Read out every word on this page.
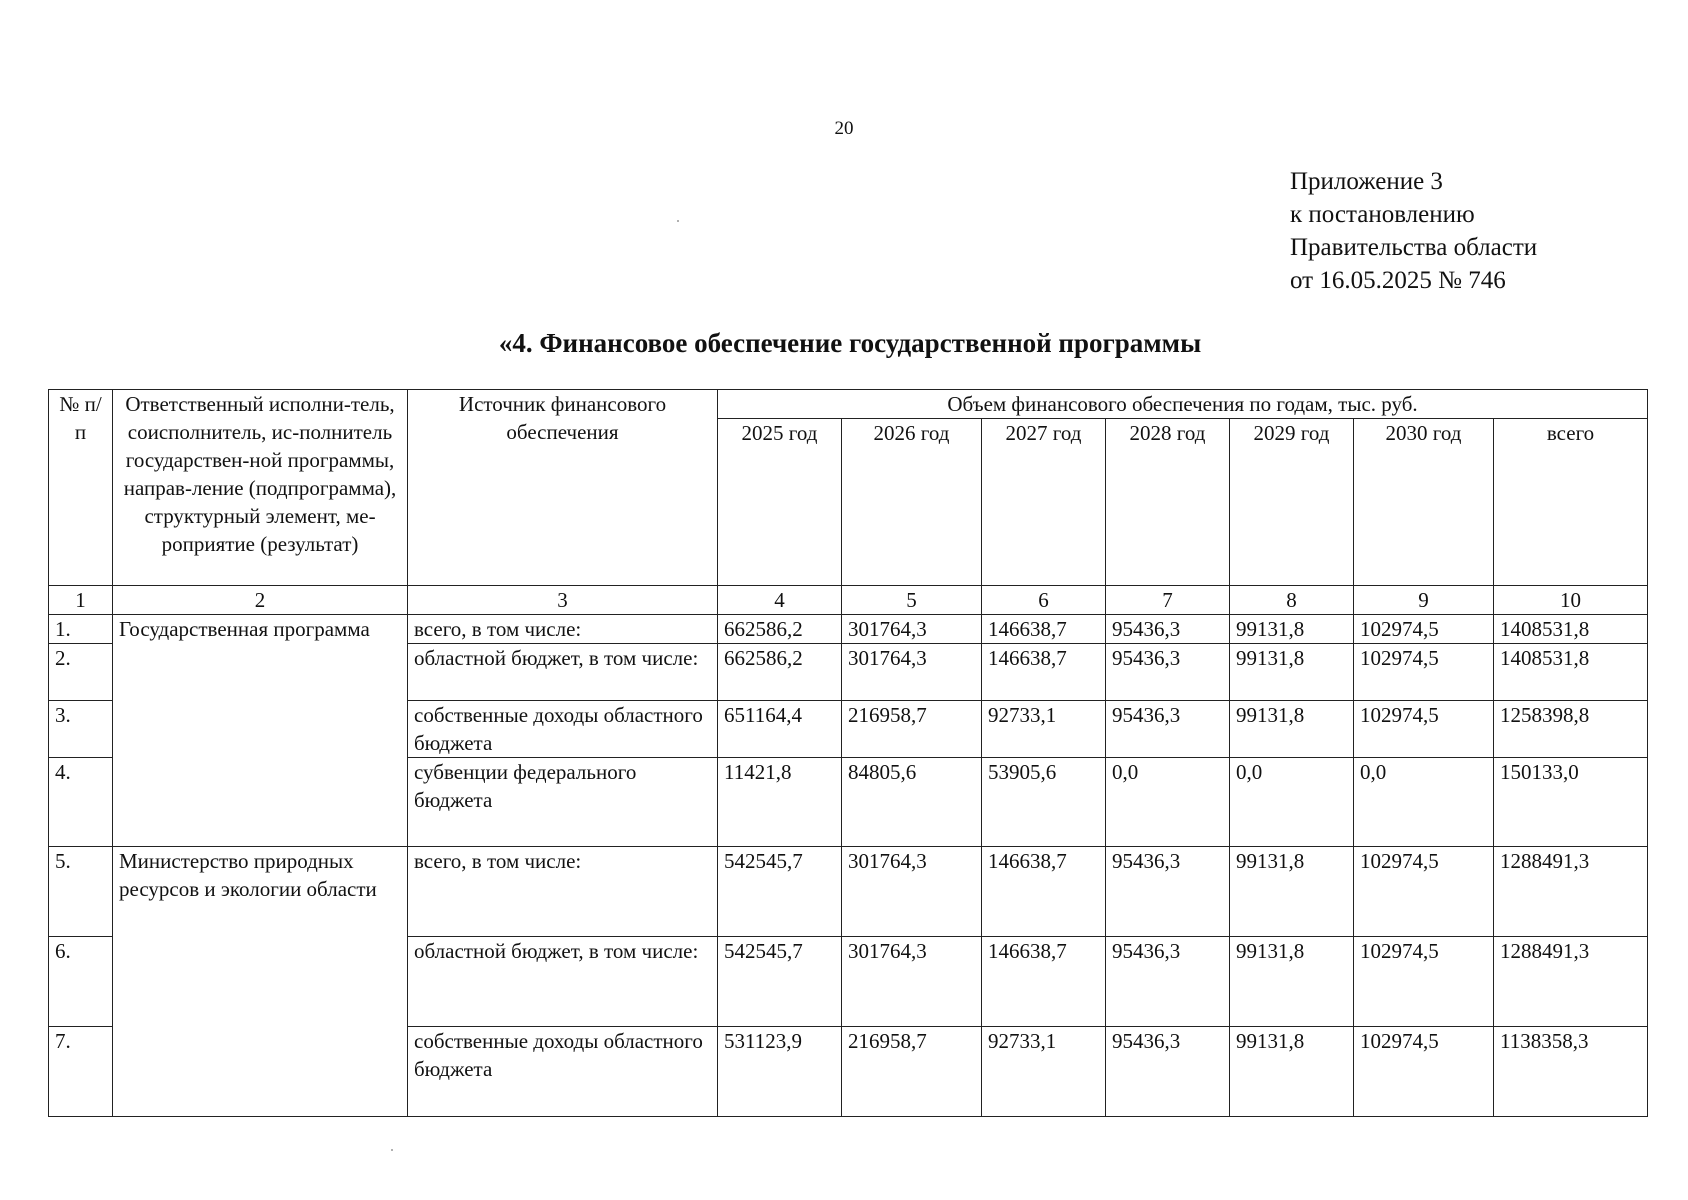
20
Приложение 3
к постановлению
Правительства области
от 16.05.2025 № 746
«4. Финансовое обеспечение государственной программы
№ п/п	Ответственный исполни-тель, соисполнитель, ис-полнитель государствен-ной программы, направ-ление (подпрограмма), структурный элемент, ме-роприятие (результат)	Источник финансового обеспечения	Объем финансового обеспечения по годам, тыс. руб.						
			2025 год	2026 год	2027 год	2028 год	2029 год	2030 год	всего
1	2	3	4	5	6	7	8	9	10
1.	Государственная программа	всего, в том числе:	662586,2	301764,3	146638,7	95436,3	99131,8	102974,5	1408531,8
2.		областной бюджет, в том числе:	662586,2	301764,3	146638,7	95436,3	99131,8	102974,5	1408531,8
3.		собственные доходы областного бюджета	651164,4	216958,7	92733,1	95436,3	99131,8	102974,5	1258398,8
4.		субвенции федерального бюджета	11421,8	84805,6	53905,6	0,0	0,0	0,0	150133,0
5.	Министерство природных ресурсов и экологии области	всего, в том числе:	542545,7	301764,3	146638,7	95436,3	99131,8	102974,5	1288491,3
6.		областной бюджет, в том числе:	542545,7	301764,3	146638,7	95436,3	99131,8	102974,5	1288491,3
7.		собственные доходы областного бюджета	531123,9	216958,7	92733,1	95436,3	99131,8	102974,5	1138358,3
